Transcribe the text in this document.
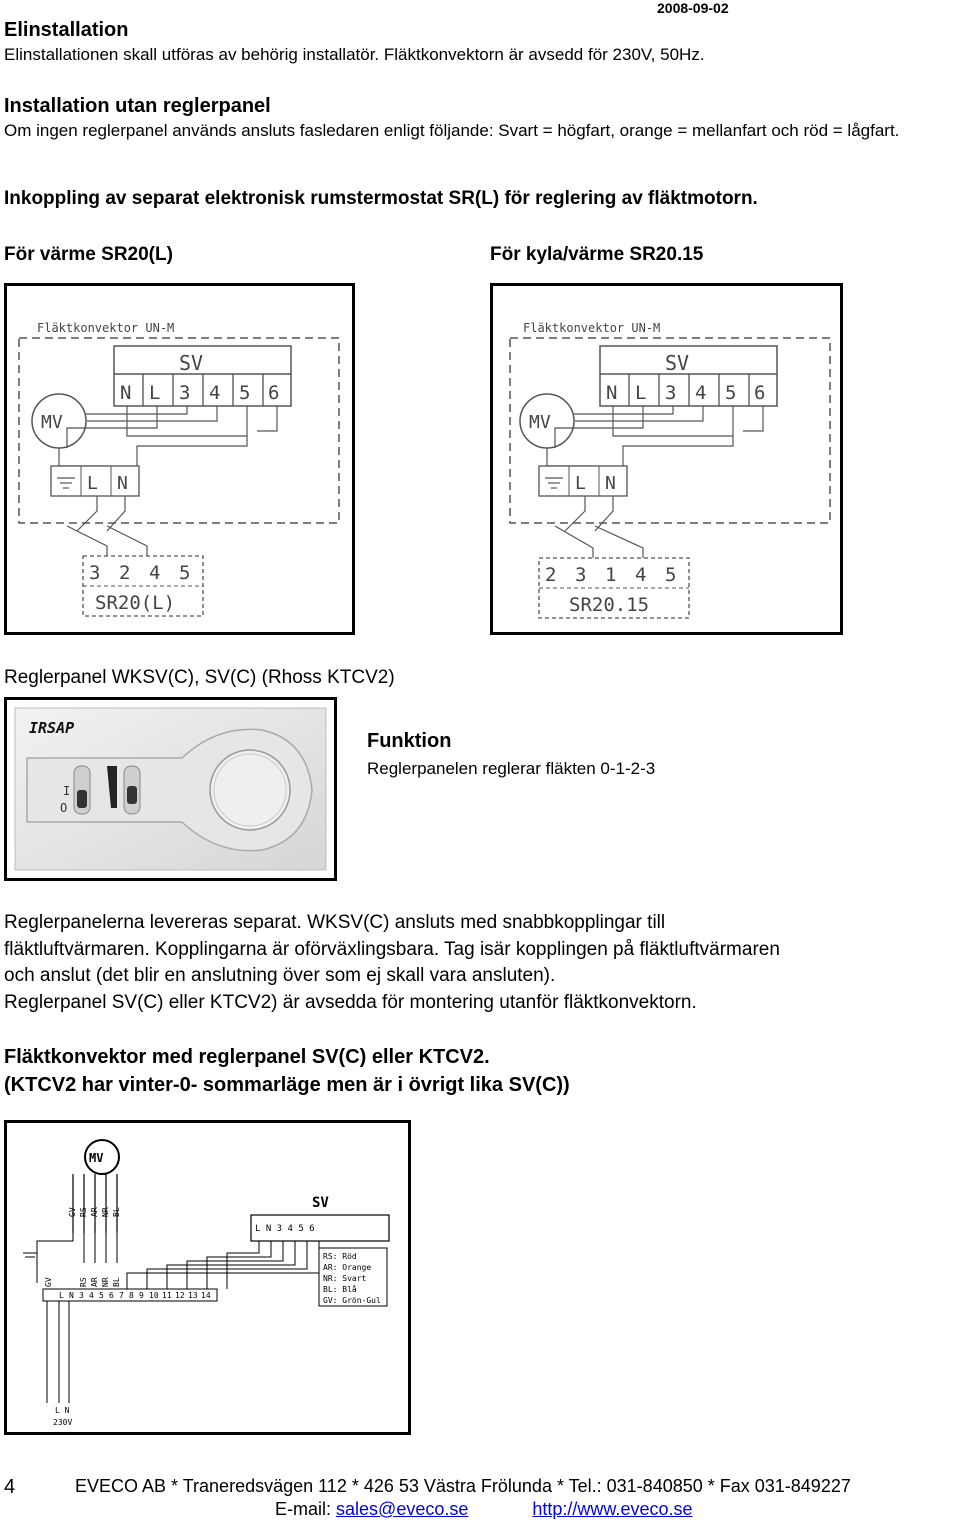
2008-09-02
Elinstallation
Elinstallationen skall utföras av behörig installatör. Fläktkonvektorn är avsedd för 230V, 50Hz.
Installation utan reglerpanel
Om ingen reglerpanel används ansluts fasledaren enligt följande: Svart = högfart, orange = mellanfart och röd = lågfart.
Inkoppling av separat elektronisk rumstermostat SR(L) för reglering av fläktmotorn.
För värme SR20(L)	För kyla/värme SR20.15
Fläktkonvektor UN-M
SV
N L 3 4 5 6
MV
L N
3 2 4 5
SR20(L)
Fläktkonvektor UN-M
SV
N L 3 4 5 6
MV
L N
2 3 1 4 5
SR20.15
Reglerpanel WKSV(C), SV(C) (Rhoss KTCV2)
IRSAP
I
O
Funktion
Reglerpanelen reglerar fläkten 0-1-2-3
Reglerpanelerna levereras separat. WKSV(C) ansluts med snabbkopplingar till
fläktluftvärmaren. Kopplingarna är oförväxlingsbara. Tag isär kopplingen på fläktluftvärmaren
och anslut (det blir en anslutning över som ej skall vara ansluten).
Reglerpanel SV(C) eller KTCV2) är avsedda för montering utanför fläktkonvektorn.
Fläktkonvektor med reglerpanel SV(C) eller KTCV2.
(KTCV2 har vinter-0- sommarläge men är i övrigt lika SV(C))
MV
GV RS AR NR BL
SV
L N 3 4 5 6
RS: Röd
AR: Orange
NR: Svart
BL: Blå
GV: Grön-Gul
GV	RS AR NR BL
L N 3 4 5 6 7 8 9 10 11 12 13 14
L N
230V
4	EVECO AB * Traneredsvägen 112 * 426 53 Västra Frölunda * Tel.: 031-840850 * Fax 031-849227
E-mail: sales@eveco.se	http://www.eveco.se
